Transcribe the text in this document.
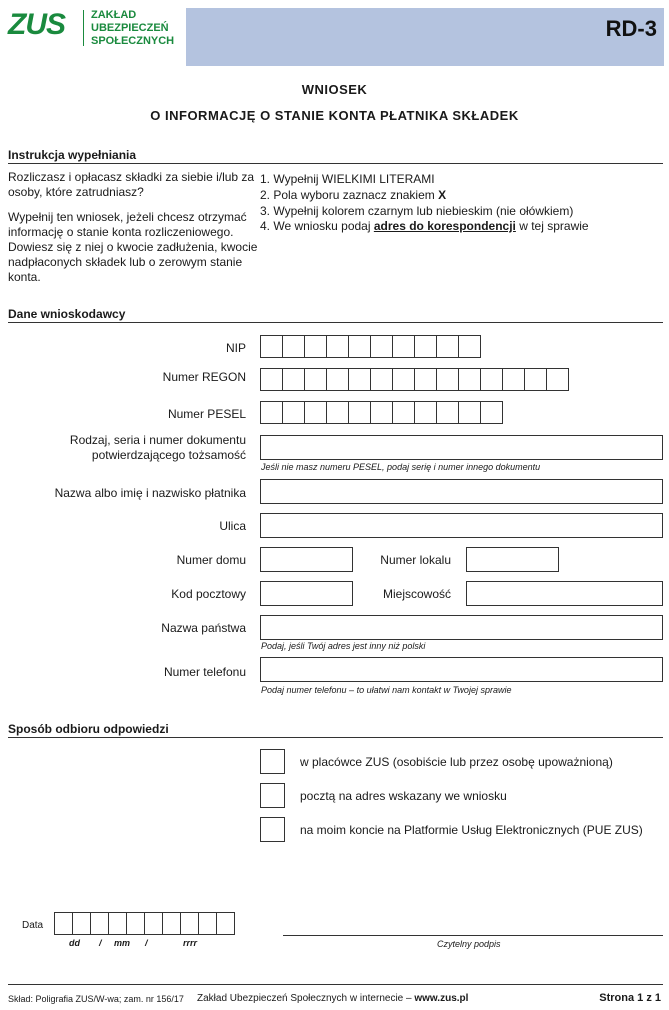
ZUS ZAKŁAD
UBEZPIECZEŃ
SPOŁECZNYCH	RD-3
WNIOSEK
O INFORMACJĘ O STANIE KONTA PŁATNIKA SKŁADEK
Instrukcja wypełniania
Rozliczasz i opłacasz składki za siebie i/lub za osoby, które zatrudniasz?
Wypełnij ten wniosek, jeżeli chcesz otrzymać informację o stanie konta rozliczeniowego. Dowiesz się z niej o kwocie zadłużenia, kwocie nadpłaconych składek lub o zerowym stanie konta.
1. Wypełnij WIELKIMI LITERAMI
2. Pola wyboru zaznacz znakiem X
3. Wypełnij kolorem czarnym lub niebieskim (nie ołówkiem)
4. We wniosku podaj adres do korespondencji w tej sprawie
Dane wnioskodawcy
NIP
Numer REGON
Numer PESEL
Rodzaj, seria i numer dokumentu
potwierdzającego tożsamość
Jeśli nie masz numeru PESEL, podaj serię i numer innego dokumentu
Nazwa albo imię i nazwisko płatnika
Ulica
Numer domu	Numer lokalu
Kod pocztowy	Miejscowość
Nazwa państwa
Podaj, jeśli Twój adres jest inny niż polski
Numer telefonu
Podaj numer telefonu – to ułatwi nam kontakt w Twojej sprawie
Sposób odbioru odpowiedzi
w placówce ZUS (osobiście lub przez osobę upoważnioną)
pocztą na adres wskazany we wniosku
na moim koncie na Platformie Usług Elektronicznych (PUE ZUS)
Data
dd / mm /	rrrr	Czytelny podpis
Skład: Poligrafia ZUS/W-wa; zam. nr 156/17 Zakład Ubezpieczeń Społecznych w internecie – www.zus.pl	Strona 1 z 1
